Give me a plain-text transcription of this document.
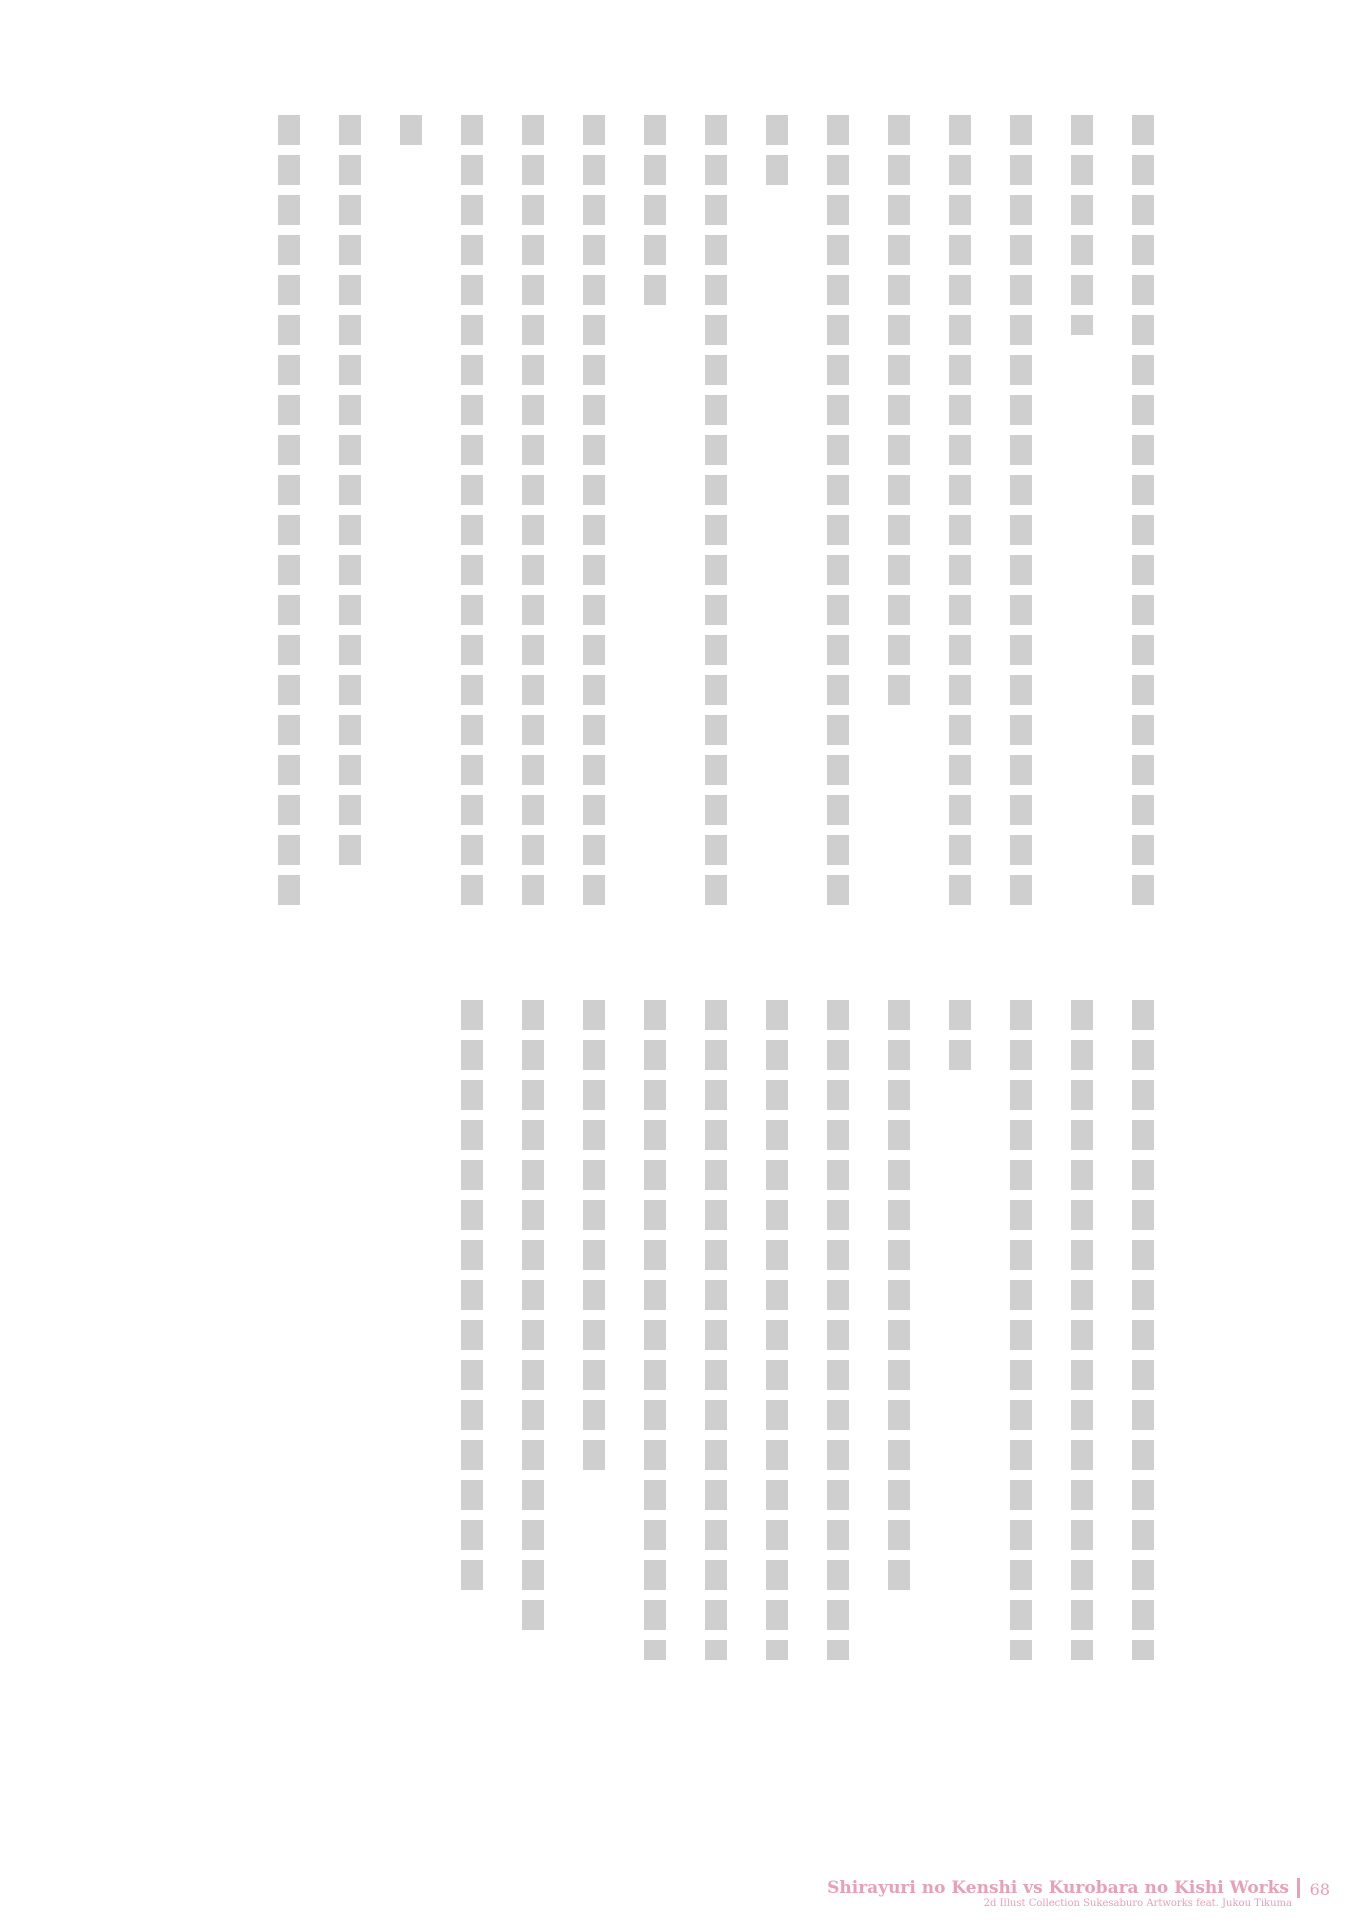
Shirayuri no Kenshi vs Kurobara no Kishi Works
2d Illust Collection Sukesaburo Artworks feat. Jukou Tikuma
68
